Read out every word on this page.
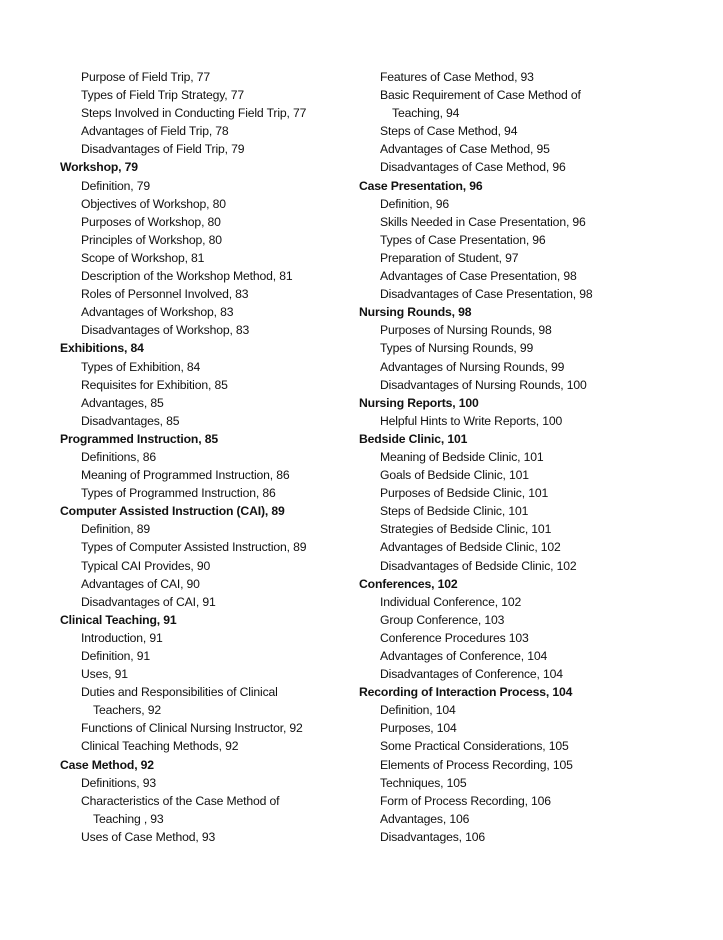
Purpose of Field Trip, 77
Types of Field Trip Strategy, 77
Steps Involved in Conducting Field Trip, 77
Advantages of Field Trip, 78
Disadvantages of Field Trip, 79
Workshop, 79
Definition, 79
Objectives of Workshop, 80
Purposes of Workshop, 80
Principles of Workshop, 80
Scope of Workshop, 81
Description of the Workshop Method, 81
Roles of Personnel Involved, 83
Advantages of Workshop, 83
Disadvantages of Workshop, 83
Exhibitions, 84
Types of Exhibition, 84
Requisites for Exhibition, 85
Advantages, 85
Disadvantages, 85
Programmed Instruction, 85
Definitions, 86
Meaning of Programmed Instruction, 86
Types of Programmed Instruction, 86
Computer Assisted Instruction (CAI), 89
Definition, 89
Types of Computer Assisted Instruction, 89
Typical CAI Provides, 90
Advantages of CAI, 90
Disadvantages of CAI, 91
Clinical Teaching, 91
Introduction, 91
Definition, 91
Uses, 91
Duties and Responsibilities of Clinical
Teachers, 92
Functions of Clinical Nursing Instructor, 92
Clinical Teaching Methods, 92
Case Method, 92
Definitions, 93
Characteristics of the Case Method of
Teaching , 93
Uses of Case Method, 93
Features of Case Method, 93
Basic Requirement of Case Method of
Teaching, 94
Steps of Case Method, 94
Advantages of Case Method, 95
Disadvantages of Case Method, 96
Case Presentation, 96
Definition, 96
Skills Needed in Case Presentation, 96
Types of Case Presentation, 96
Preparation of Student, 97
Advantages of Case Presentation, 98
Disadvantages of Case Presentation, 98
Nursing Rounds, 98
Purposes of Nursing Rounds, 98
Types of Nursing Rounds, 99
Advantages of Nursing Rounds, 99
Disadvantages of Nursing Rounds, 100
Nursing Reports, 100
Helpful Hints to Write Reports, 100
Bedside Clinic, 101
Meaning of Bedside Clinic, 101
Goals of Bedside Clinic, 101
Purposes of Bedside Clinic, 101
Steps of Bedside Clinic, 101
Strategies of Bedside Clinic, 101
Advantages of Bedside Clinic, 102
Disadvantages of Bedside Clinic, 102
Conferences, 102
Individual Conference, 102
Group Conference, 103
Conference Procedures 103
Advantages of Conference, 104
Disadvantages of Conference, 104
Recording of Interaction Process, 104
Definition, 104
Purposes, 104
Some Practical Considerations, 105
Elements of Process Recording, 105
Techniques, 105
Form of Process Recording, 106
Advantages, 106
Disadvantages, 106
